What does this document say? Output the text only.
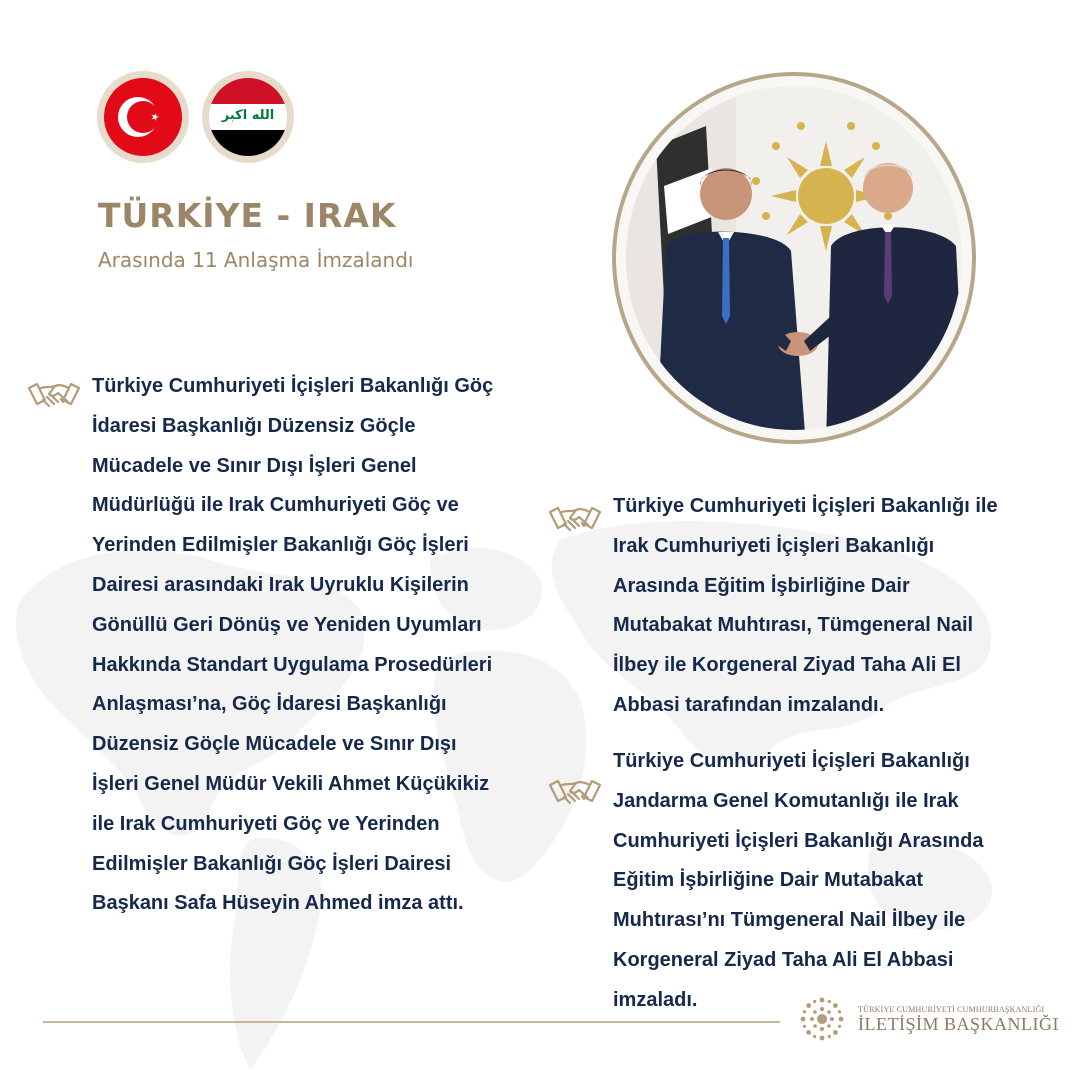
الله اكبر
TÜRKİYE - IRAK
Arasında 11 Anlaşma İmzalandı
Türkiye Cumhuriyeti İçişleri Bakanlığı Göç
İdaresi Başkanlığı Düzensiz Göçle
Mücadele ve Sınır Dışı İşleri Genel
Müdürlüğü ile Irak Cumhuriyeti Göç ve
Yerinden Edilmişler Bakanlığı Göç İşleri
Dairesi arasındaki Irak Uyruklu Kişilerin
Gönüllü Geri Dönüş ve Yeniden Uyumları
Hakkında Standart Uygulama Prosedürleri
Anlaşması’na, Göç İdaresi Başkanlığı
Düzensiz Göçle Mücadele ve Sınır Dışı
İşleri Genel Müdür Vekili Ahmet Küçükikiz
ile Irak Cumhuriyeti Göç ve Yerinden
Edilmişler Bakanlığı Göç İşleri Dairesi
Başkanı Safa Hüseyin Ahmed imza attı.
Türkiye Cumhuriyeti İçişleri Bakanlığı ile
Irak Cumhuriyeti İçişleri Bakanlığı
Arasında Eğitim İşbirliğine Dair
Mutabakat Muhtırası, Tümgeneral Nail
İlbey ile Korgeneral Ziyad Taha Ali El
Abbasi tarafından imzalandı.
Türkiye Cumhuriyeti İçişleri Bakanlığı
Jandarma Genel Komutanlığı ile Irak
Cumhuriyeti İçişleri Bakanlığı Arasında
Eğitim İşbirliğine Dair Mutabakat
Muhtırası’nı Tümgeneral Nail İlbey ile
Korgeneral Ziyad Taha Ali El Abbasi
imzaladı.	TÜRKİYE CUMHURİYETİ CUMHURBAŞKANLIĞI
İLETİŞİM BAŞKANLIĞI
